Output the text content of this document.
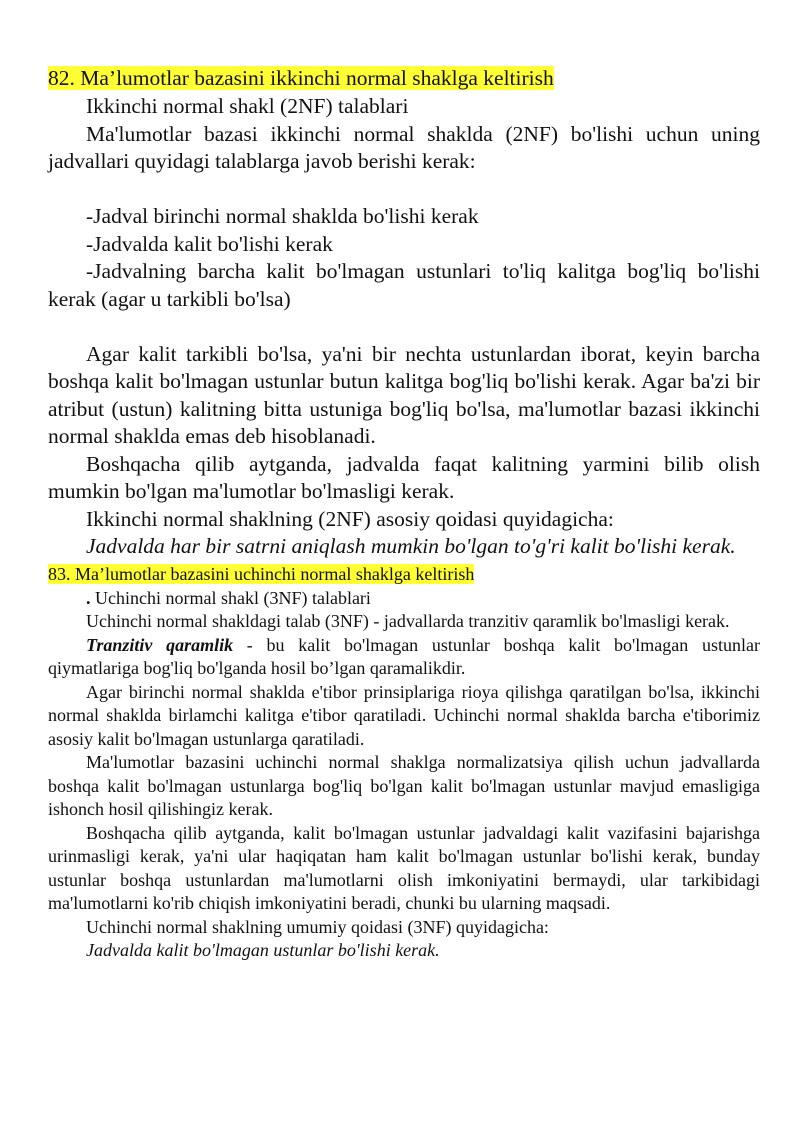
82. Ma’lumotlar bazasini ikkinchi normal shaklga keltirish

Ikkinchi normal shakl (2NF) talablari

Ma'lumotlar bazasi ikkinchi normal shaklda (2NF) bo'lishi uchun uning jadvallari quyidagi talablarga javob berishi kerak:

-Jadval birinchi normal shaklda bo'lishi kerak

-Jadvalda kalit bo'lishi kerak

-Jadvalning barcha kalit bo'lmagan ustunlari to'liq kalitga bog'liq bo'lishi kerak (agar u tarkibli bo'lsa)

Agar kalit tarkibli bo'lsa, ya'ni bir nechta ustunlardan iborat, keyin barcha boshqa kalit bo'lmagan ustunlar butun kalitga bog'liq bo'lishi kerak. Agar ba'zi bir atribut (ustun) kalitning bitta ustuniga bog'liq bo'lsa, ma'lumotlar bazasi ikkinchi normal shaklda emas deb hisoblanadi.

Boshqacha qilib aytganda, jadvalda faqat kalitning yarmini bilib olish mumkin bo'lgan ma'lumotlar bo'lmasligi kerak.

Ikkinchi normal shaklning (2NF) asosiy qoidasi quyidagicha:

Jadvalda har bir satrni aniqlash mumkin bo'lgan to'g'ri kalit bo'lishi kerak.

83. Ma’lumotlar bazasini uchinchi normal shaklga keltirish

. Uchinchi normal shakl (3NF) talablari

Uchinchi normal shakldagi talab (3NF) - jadvallarda tranzitiv qaramlik bo'lmasligi kerak.

Tranzitiv qaramlik - bu kalit bo'lmagan ustunlar boshqa kalit bo'lmagan ustunlar qiymatlariga bog'liq bo'lganda hosil bo’lgan qaramalikdir.

Agar birinchi normal shaklda e'tibor prinsiplariga rioya qilishga qaratilgan bo'lsa, ikkinchi normal shaklda birlamchi kalitga e'tibor qaratiladi. Uchinchi normal shaklda barcha e'tiborimiz asosiy kalit bo'lmagan ustunlarga qaratiladi.

Ma'lumotlar bazasini uchinchi normal shaklga normalizatsiya qilish uchun jadvallarda boshqa kalit bo'lmagan ustunlarga bog'liq bo'lgan kalit bo'lmagan ustunlar mavjud emasligiga ishonch hosil qilishingiz kerak.

Boshqacha qilib aytganda, kalit bo'lmagan ustunlar jadvaldagi kalit vazifasini bajarishga urinmasligi kerak, ya'ni ular haqiqatan ham kalit bo'lmagan ustunlar bo'lishi kerak, bunday ustunlar boshqa ustunlardan ma'lumotlarni olish imkoniyatini bermaydi, ular tarkibidagi ma'lumotlarni ko'rib chiqish imkoniyatini beradi, chunki bu ularning maqsadi.

Uchinchi normal shaklning umumiy qoidasi (3NF) quyidagicha:

Jadvalda kalit bo'lmagan ustunlar bo'lishi kerak.
